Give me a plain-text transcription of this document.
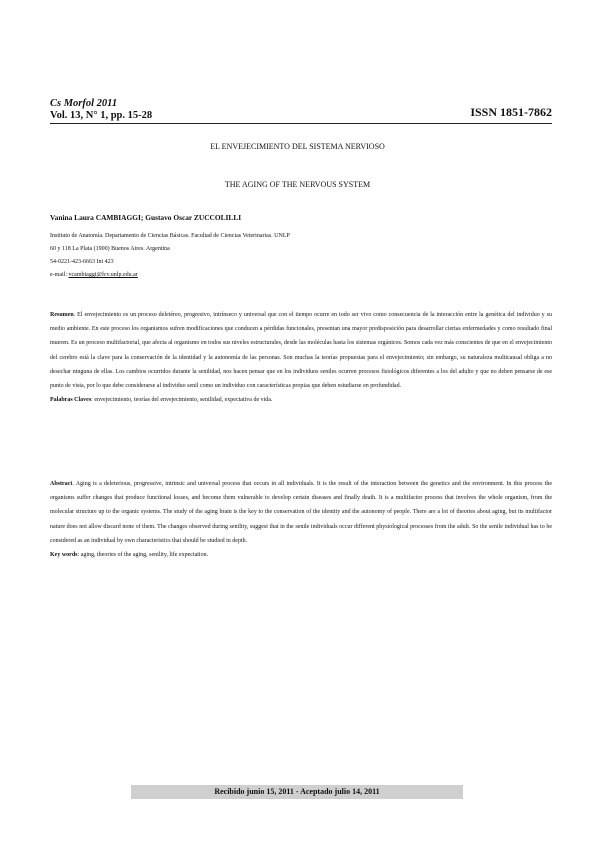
Cs Morfol 2011
Vol. 13, N° 1, pp. 15-28	ISSN 1851-7862
EL ENVEJECIMIENTO DEL SISTEMA NERVIOSO
THE AGING OF THE NERVOUS SYSTEM
Vanina Laura CAMBIAGGI; Gustavo Oscar ZUCCOLILLI
Instituto de Anatomía. Departamento de Ciencias Básicas. Facultad de Ciencias Veterinarias. UNLP
60 y 118 La Plata (1900) Buenos Aires. Argentina
54-0221-423-6663 Int 423
e-mail: vcambiaggi@fcv.unlp.edu.ar
Resumen. El envejecimiento es un proceso deletéreo, progresivo, intrínseco y universal que con el tiempo ocurre en todo ser vivo como consecuencia de la interacción entre la genética del individuo y su medio ambiente. En este proceso los organismos sufren modificaciones que conducen a pérdidas funcionales, presentan una mayor predisposición para desarrollar ciertas enfermedades y como resultado final mueren. Es un proceso multifactorial, que afecta al organismo en todos sus niveles estructurales, desde las moléculas hasta los sistemas orgánicos. Somos cada vez más conscientes de que en el envejecimiento del cerebro está la clave para la conservación de la identidad y la autonomía de las personas. Son muchas la teorías propuestas para el envejecimiento; sin embargo, su naturaleza multicausal obliga a no desechar ninguna de ellas. Los cambios ocurridos durante la senilidad, nos hacen pensar que en los individuos seniles ocurren procesos fisiológicos diferentes a los del adulto y que no deben pensarse de ese punto de vista, por lo que debe considerarse al individuo senil como un individuo con características propias que deben estudiarse en profundidad.
Palabras Claves: envejecimiento, teorías del envejecimiento, senilidad, expectativa de vida.
Abstract. Aging is a deleterious, progressive, intrinsic and universal process that occurs in all individuals. It is the result of the interaction between the genetics and the environment. In this process the organisms suffer changes that produce functional losses, and become them vulnerable to develop certain diseases and finally death. It is a multifactor process that involves the whole organism, from the molecular structure up to the organic systems. The study of the aging brain is the key to the conservation of the identity and the autonomy of people. There are a lot of theories about aging, but its multifactor nature does not allow discard none of them. The changes observed during senility, suggest that in the senile individuals occur different physiological processes from the adult. So the senile individual has to be considered as an individual by own characteristics that should be studied in depth.
Key words: aging, theories of the aging, senility, life expectation.
Recibido junio 15, 2011 - Aceptado julio 14, 2011
